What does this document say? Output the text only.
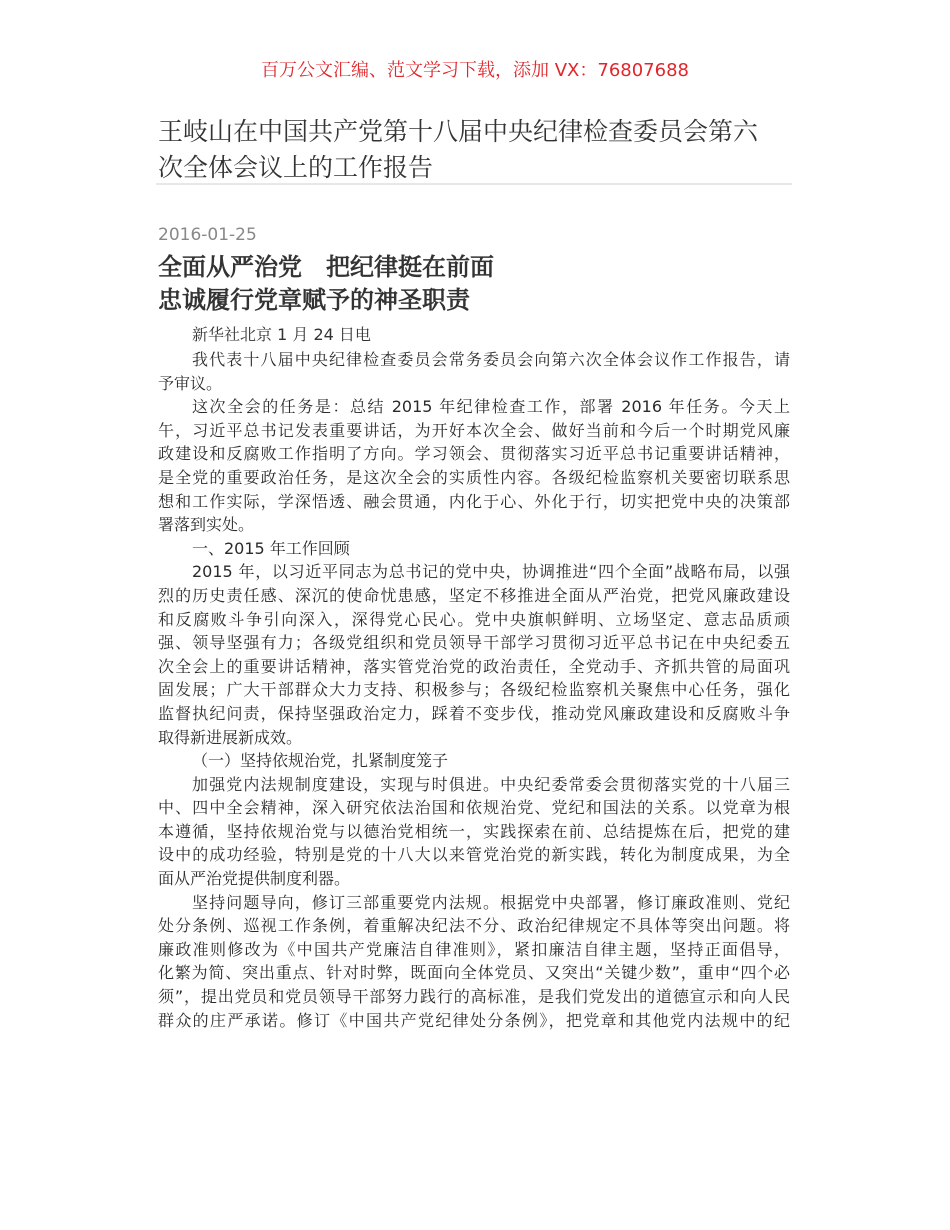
百万公文汇编、范文学习下载，添加 VX：76807688
王岐山在中国共产党第十八届中央纪律检查委员会第六
次全体会议上的工作报告
2016-01-25
全面从严治党　把纪律挺在前面
忠诚履行党章赋予的神圣职责
新华社北京 1 月 24 日电
我代表十八届中央纪律检查委员会常务委员会向第六次全体会议作工作报告，请
予审议。
这次全会的任务是：总结 2015 年纪律检查工作，部署 2016 年任务。今天上
午，习近平总书记发表重要讲话，为开好本次全会、做好当前和今后一个时期党风廉
政建设和反腐败工作指明了方向。学习领会、贯彻落实习近平总书记重要讲话精神，
是全党的重要政治任务，是这次全会的实质性内容。各级纪检监察机关要密切联系思
想和工作实际，学深悟透、融会贯通，内化于心、外化于行，切实把党中央的决策部
署落到实处。
一、2015 年工作回顾
2015 年，以习近平同志为总书记的党中央，协调推进“四个全面”战略布局，以强
烈的历史责任感、深沉的使命忧患感，坚定不移推进全面从严治党，把党风廉政建设
和反腐败斗争引向深入，深得党心民心。党中央旗帜鲜明、立场坚定、意志品质顽
强、领导坚强有力；各级党组织和党员领导干部学习贯彻习近平总书记在中央纪委五
次全会上的重要讲话精神，落实管党治党的政治责任，全党动手、齐抓共管的局面巩
固发展；广大干部群众大力支持、积极参与；各级纪检监察机关聚焦中心任务，强化
监督执纪问责，保持坚强政治定力，踩着不变步伐，推动党风廉政建设和反腐败斗争
取得新进展新成效。
（一）坚持依规治党，扎紧制度笼子
加强党内法规制度建设，实现与时俱进。中央纪委常委会贯彻落实党的十八届三
中、四中全会精神，深入研究依法治国和依规治党、党纪和国法的关系。以党章为根
本遵循，坚持依规治党与以德治党相统一，实践探索在前、总结提炼在后，把党的建
设中的成功经验，特别是党的十八大以来管党治党的新实践，转化为制度成果，为全
面从严治党提供制度利器。
坚持问题导向，修订三部重要党内法规。根据党中央部署，修订廉政准则、党纪
处分条例、巡视工作条例，着重解决纪法不分、政治纪律规定不具体等突出问题。将
廉政准则修改为《中国共产党廉洁自律准则》，紧扣廉洁自律主题，坚持正面倡导，
化繁为简、突出重点、针对时弊，既面向全体党员、又突出“关键少数”，重申“四个必
须”，提出党员和党员领导干部努力践行的高标准，是我们党发出的道德宣示和向人民
群众的庄严承诺。修订《中国共产党纪律处分条例》，把党章和其他党内法规中的纪
